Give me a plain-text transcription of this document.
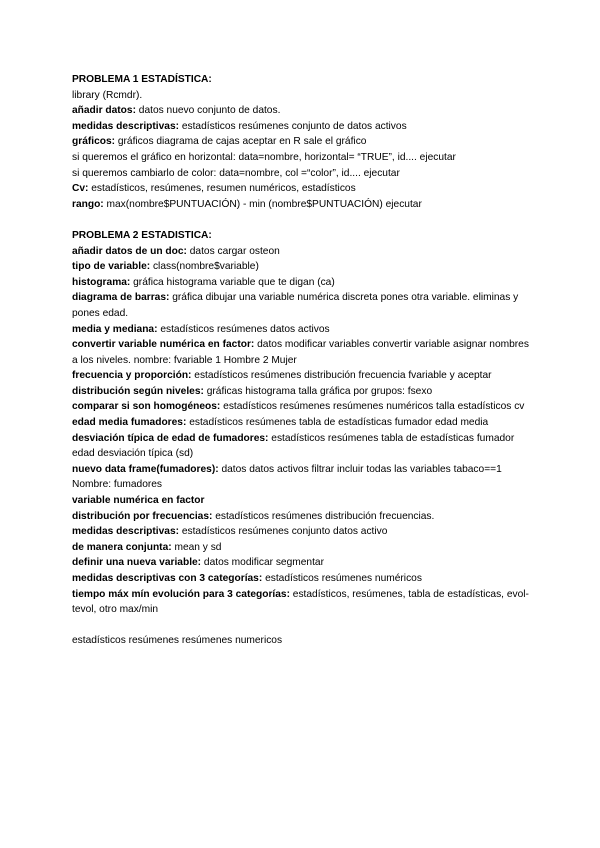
PROBLEMA 1 ESTADÍSTICA:
library (Rcmdr).
añadir datos: datos nuevo conjunto de datos.
medidas descriptivas: estadísticos resúmenes conjunto de datos activos
gráficos: gráficos diagrama de cajas aceptar en R sale el gráfico
si queremos el gráfico en horizontal: data=nombre, horizontal= “TRUE”, id.... ejecutar
si queremos cambiarlo de color: data=nombre, col =“color”, id.... ejecutar
Cv: estadísticos, resúmenes, resumen numéricos, estadísticos
rango: max(nombre$PUNTUACIÓN) - min (nombre$PUNTUACIÓN) ejecutar
PROBLEMA 2 ESTADISTICA:
añadir datos de un doc: datos cargar osteon
tipo de variable: class(nombre$variable)
histograma: gráfica histograma variable que te digan (ca)
diagrama de barras: gráfica dibujar una variable numérica discreta pones otra variable. eliminas y pones edad.
media y mediana: estadísticos resúmenes datos activos
convertir variable numérica en factor: datos modificar variables convertir variable asignar nombres a los niveles. nombre: fvariable 1 Hombre 2 Mujer
frecuencia y proporción: estadísticos resúmenes distribución frecuencia fvariable y aceptar
distribución según niveles: gráficas histograma talla gráfica por grupos: fsexo
comparar si son homogéneos: estadísticos resúmenes resúmenes numéricos talla estadísticos cv
edad media fumadores: estadísticos resúmenes tabla de estadísticas fumador edad media
desviación típica de edad de fumadores: estadísticos resúmenes tabla de estadísticas fumador edad desviación típica (sd)
nuevo data frame(fumadores): datos datos activos filtrar incluir todas las variables tabaco==1 Nombre: fumadores
variable numérica en factor
distribución por frecuencias: estadísticos resúmenes distribución frecuencias.
medidas descriptivas: estadísticos resúmenes conjunto datos activo
de manera conjunta: mean y sd
definir una nueva variable: datos modificar segmentar
medidas descriptivas con 3 categorías: estadísticos resúmenes numéricos
tiempo máx mín evolución para 3 categorías: estadísticos, resúmenes, tabla de estadísticas, evol-tevol, otro max/min
estadísticos resúmenes resúmenes numericos
